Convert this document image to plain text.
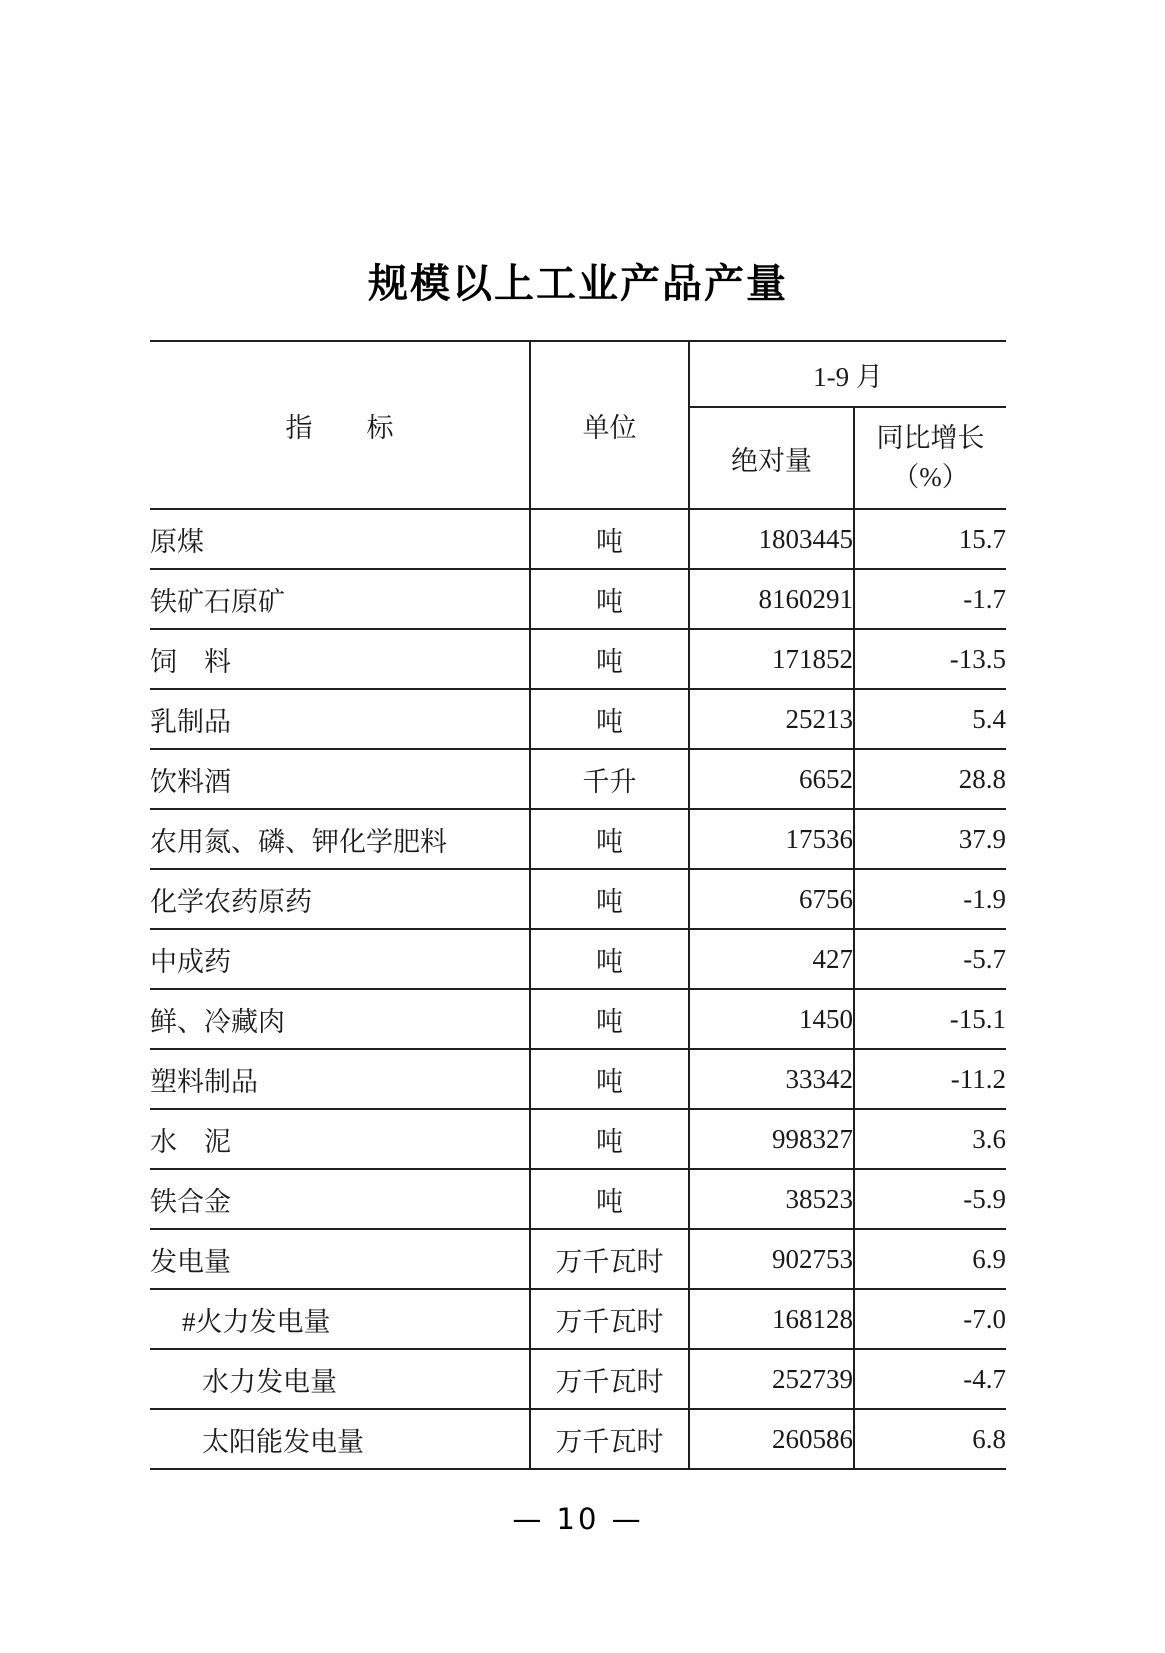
规模以上工业产品产量
指　　标	单位	1-9 月	
		绝对量	同比增长
（%）

原煤	吨	1803445	15.7
铁矿石原矿	吨	8160291	-1.7
饲　料	吨	171852	-13.5
乳制品	吨	25213	5.4
饮料酒	千升	6652	28.8
农用氮、磷、钾化学肥料	吨	17536	37.9
化学农药原药	吨	6756	-1.9
中成药	吨	427	-5.7
鲜、冷藏肉	吨	1450	-15.1
塑料制品	吨	33342	-11.2
水　泥	吨	998327	3.6
铁合金	吨	38523	-5.9
发电量	万千瓦时	902753	6.9
#火力发电量	万千瓦时	168128	-7.0
水力发电量	万千瓦时	252739	-4.7
太阳能发电量	万千瓦时	260586	6.8
— 10 —
